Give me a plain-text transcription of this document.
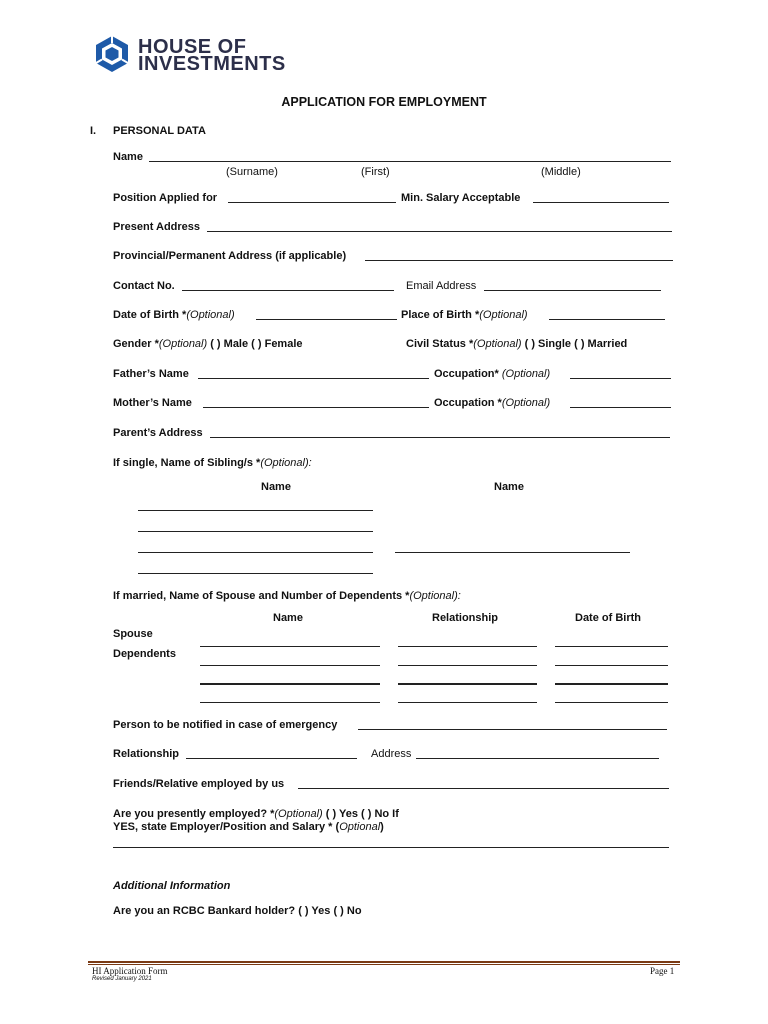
HOUSE OF
INVESTMENTS
APPLICATION FOR EMPLOYMENT
I. PERSONAL DATA
Name
(Surname)	(First)	(Middle)
Position Applied for	Min. Salary Acceptable
Present Address
Provincial/Permanent Address (if applicable)
Contact No.	Email Address
Date of Birth *(Optional)	Place of Birth *(Optional)
Gender *(Optional) ( ) Male ( ) Female	Civil Status *(Optional) ( ) Single ( ) Married
Father’s Name	Occupation* (Optional)
Mother’s Name	Occupation *(Optional)
Parent’s Address
If single, Name of Sibling/s *(Optional):
Name	Name
If married, Name of Spouse and Number of Dependents *(Optional):
Name	Relationship	Date of Birth
Spouse
Dependents
Person to be notified in case of emergency
Relationship	Address
Friends/Relative employed by us
Are you presently employed? *(Optional) ( ) Yes ( ) No If
YES, state Employer/Position and Salary * (Optional)
Additional Information
Are you an RCBC Bankard holder? ( ) Yes ( ) No
HI Application Form
Revised January 2021
Page 1
